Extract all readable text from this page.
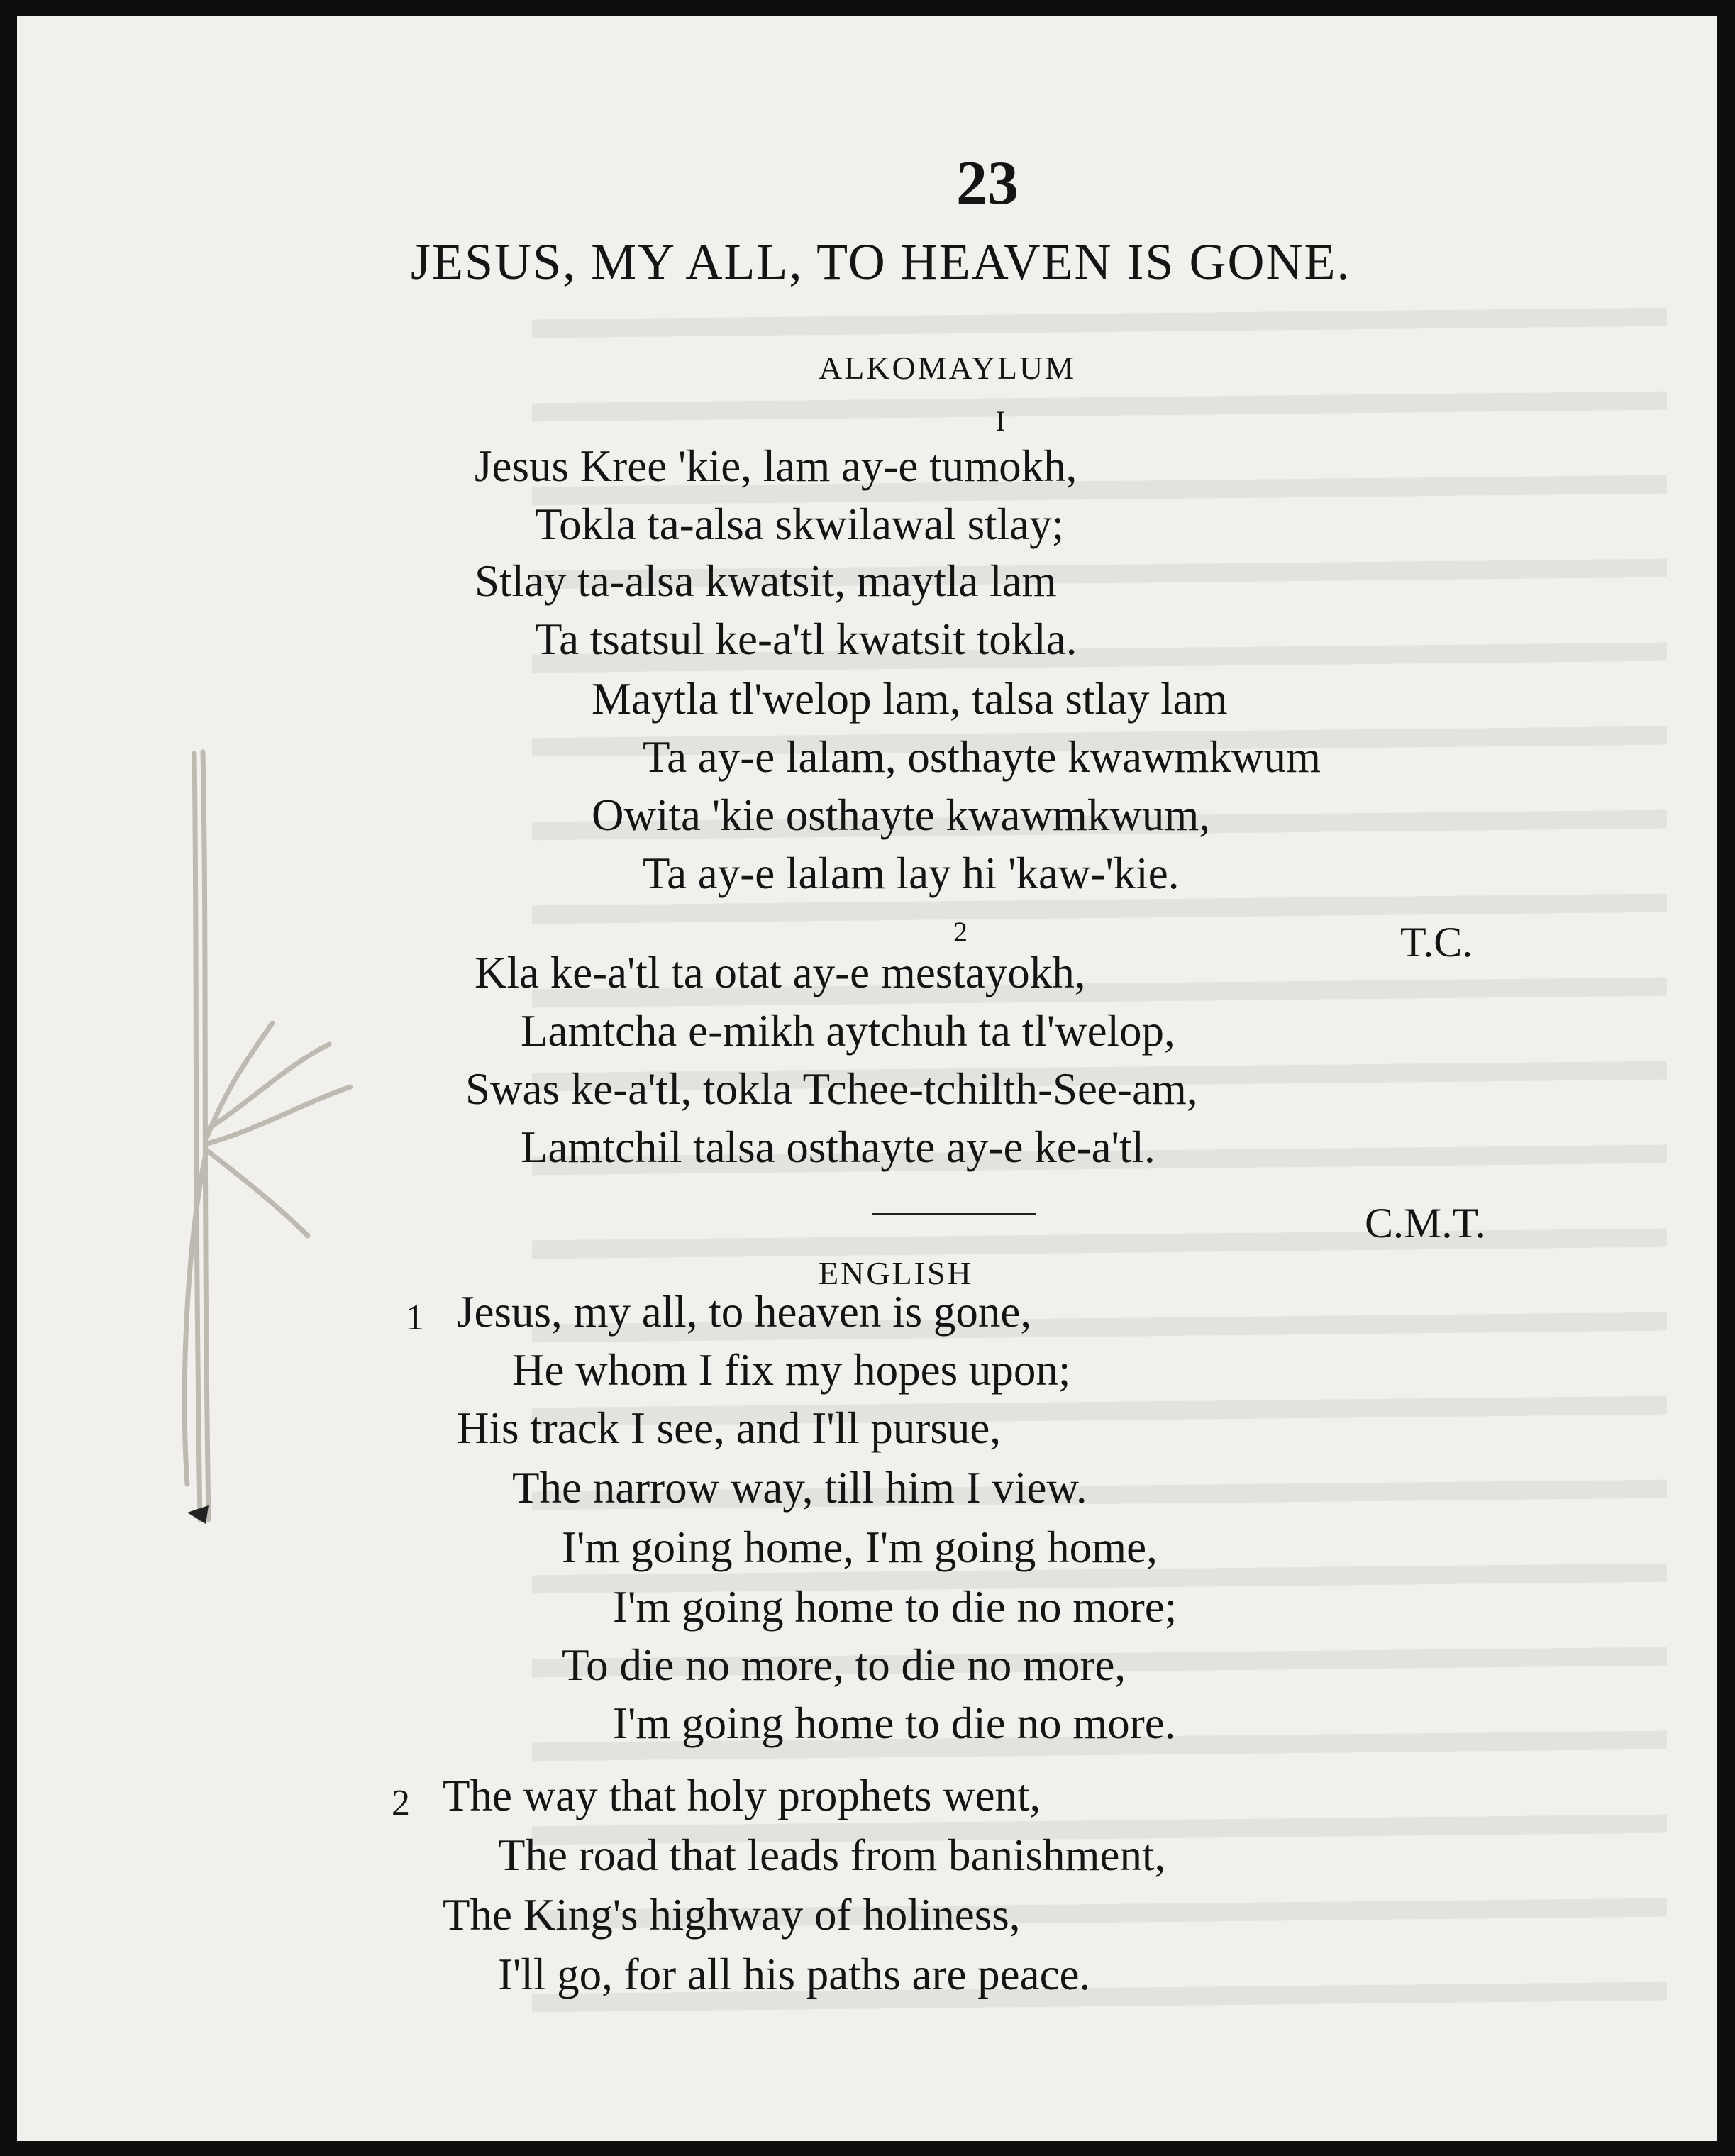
23
JESUS, MY ALL, TO HEAVEN IS GONE.
ALKOMAYLUM
I
Jesus Kree 'kie, lam ay-e tumokh,
Tokla ta-alsa skwilawal stlay;
Stlay ta-alsa kwatsit, maytla lam
Ta tsatsul ke-a'tl kwatsit tokla.
Maytla tl'welop lam, talsa stlay lam
Ta ay-e lalam, osthayte kwawmkwum
Owita 'kie osthayte kwawmkwum,
Ta ay-e lalam lay hi 'kaw-'kie.
2	T.C.
Kla ke-a'tl ta otat ay-e mestayokh,
Lamtcha e-mikh aytchuh ta tl'welop,
Swas ke-a'tl, tokla Tchee-tchilth-See-am,
Lamtchil talsa osthayte ay-e ke-a'tl.
C.M.T.
ENGLISH
1 Jesus, my all, to heaven is gone,
He whom I fix my hopes upon;
His track I see, and I'll pursue,
The narrow way, till him I view.
I'm going home, I'm going home,
I'm going home to die no more;
To die no more, to die no more,
I'm going home to die no more.
2 The way that holy prophets went,
The road that leads from banishment,
The King's highway of holiness,
I'll go, for all his paths are peace.
